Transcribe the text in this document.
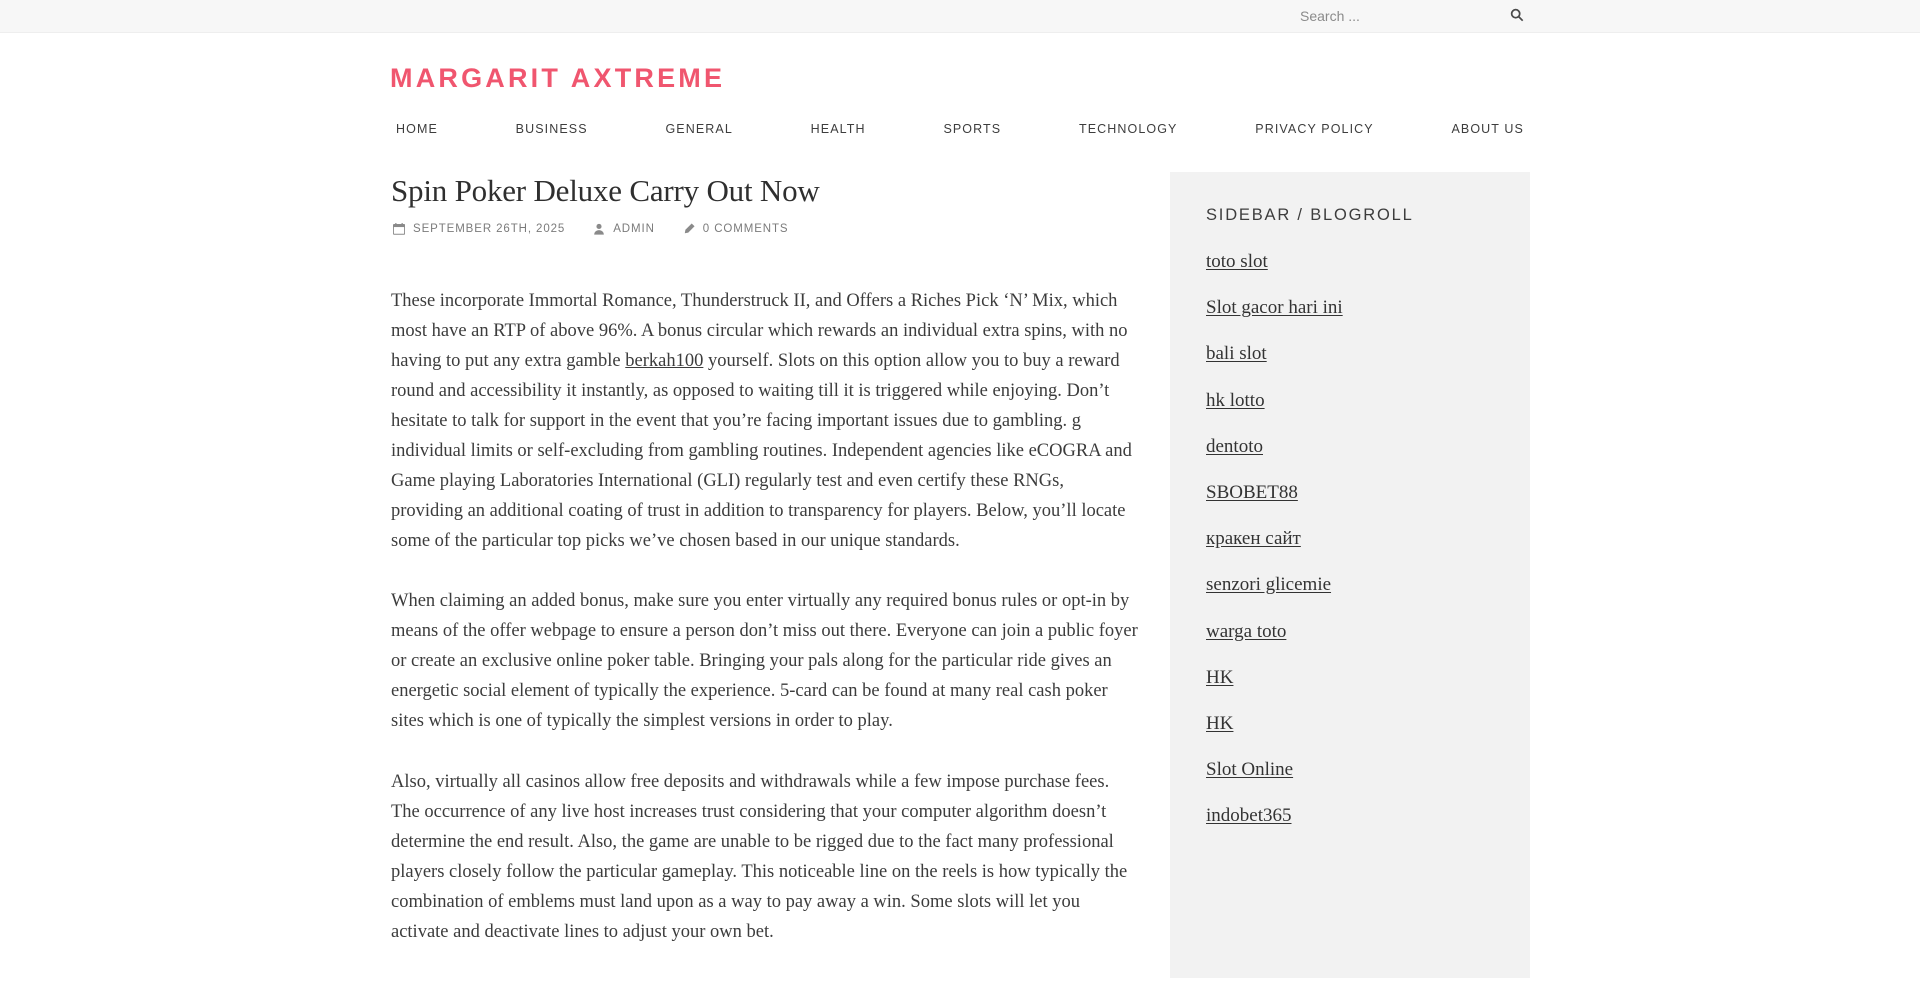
Search ...
MARGARIT AXTREME
HOME	BUSINESS	GENERAL	HEALTH	SPORTS	TECHNOLOGY	PRIVACY POLICY	ABOUT US
Spin Poker Deluxe Carry Out Now
SEPTEMBER 26TH, 2025	ADMIN	0 COMMENTS

These incorporate Immortal Romance, Thunderstruck II, and Offers a Riches Pick ‘N’ Mix, which most have an RTP of above 96%. A bonus circular which rewards an individual extra spins, with no having to put any extra gamble berkah100 yourself. Slots on this option allow you to buy a reward round and accessibility it instantly, as opposed to waiting till it is triggered while enjoying. Don’t hesitate to talk for support in the event that you’re facing important issues due to gambling. g individual limits or self-excluding from gambling routines. Independent agencies like eCOGRA and Game playing Laboratories International (GLI) regularly test and even certify these RNGs, providing an additional coating of trust in addition to transparency for players. Below, you’ll locate some of the particular top picks we’ve chosen based in our unique standards.

When claiming an added bonus, make sure you enter virtually any required bonus rules or opt-in by means of the offer webpage to ensure a person don’t miss out there. Everyone can join a public foyer or create an exclusive online poker table. Bringing your pals along for the particular ride gives an energetic social element of typically the experience. 5-card can be found at many real cash poker sites which is one of typically the simplest versions in order to play.

Also, virtually all casinos allow free deposits and withdrawals while a few impose purchase fees. The occurrence of any live host increases trust considering that your computer algorithm doesn’t determine the end result. Also, the game are unable to be rigged due to the fact many professional players closely follow the particular gameplay. This noticeable line on the reels is how typically the combination of emblems must land upon as a way to pay away a win. Some slots will let you activate and deactivate lines to adjust your own bet.

SIDEBAR / BLOGROLL
toto slot
Slot gacor hari ini
bali slot
hk lotto
dentoto
SBOBET88
кракен сайт
senzori glicemie
warga toto
HK
HK
Slot Online
indobet365
